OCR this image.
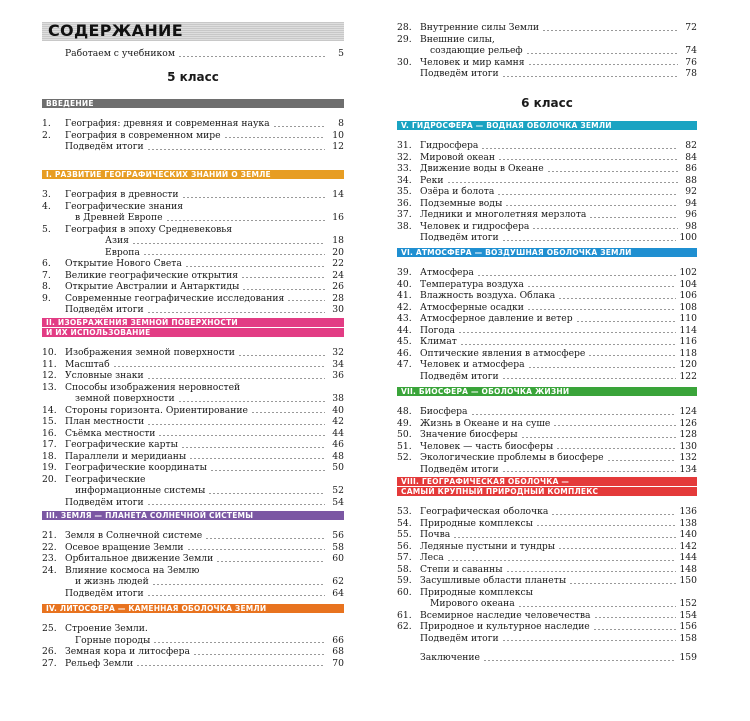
СОДЕРЖАНИЕ
Работаем с учебником	5
5 класс
ВВЕДЕНИЕ
1.	География: древняя и современная наука	8
2.	География в современном мире	10
Подведём итоги	12
I. РАЗВИТИЕ ГЕОГРАФИЧЕСКИХ ЗНАНИЙ О ЗЕМЛЕ
3.	География в древности	14
4.	Географические знания
в Древней Европе	16
5.	География в эпоху Средневековья
Азия	18
Европа	20
6.	Открытие Нового Света	22
7.	Великие географические открытия	24
8.	Открытие Австралии и Антарктиды	26
9.	Современные географические исследования	28
Подведём итоги	30
II. ИЗОБРАЖЕНИЯ ЗЕМНОЙ ПОВЕРХНОСТИ
И ИХ ИСПОЛЬЗОВАНИЕ
10. Изображения земной поверхности	32
11. Масштаб	34
12. Условные знаки	36
13. Способы изображения неровностей
земной поверхности	38
14. Стороны горизонта. Ориентирование	40
15. План местности	42
16. Съёмка местности	44
17. Географические карты	46
18. Параллели и меридианы	48
19. Географические координаты	50
20. Географические
информационные системы	52
Подведём итоги	54
III. ЗЕМЛЯ — ПЛАНЕТА СОЛНЕЧНОЙ СИСТЕМЫ
21. Земля в Солнечной системе	56
22. Осевое вращение Земли	58
23. Орбитальное движение Земли	60
24. Влияние космоса на Землю
и жизнь людей	62
Подведём итоги	64
IV. ЛИТОСФЕРА — КАМЕННАЯ ОБОЛОЧКА ЗЕМЛИ
25. Строение Земли.
Горные породы	66
26. Земная кора и литосфера	68
27. Рельеф Земли	70
28. Внутренние силы Земли	72
29. Внешние силы,
создающие рельеф	74
30. Человек и мир камня	76
Подведём итоги	78
6 класс
V. ГИДРОСФЕРА — ВОДНАЯ ОБОЛОЧКА ЗЕМЛИ
31. Гидросфера	82
32. Мировой океан	84
33. Движение воды в Океане	86
34. Реки	88
35. Озёра и болота	92
36. Подземные воды	94
37. Ледники и многолетняя мерзлота	96
38. Человек и гидросфера	98
Подведём итоги	100
VI. АТМОСФЕРА — ВОЗДУШНАЯ ОБОЛОЧКА ЗЕМЛИ
39. Атмосфера	102
40. Температура воздуха	104
41. Влажность воздуха. Облака	106
42. Атмосферные осадки	108
43. Атмосферное давление и ветер	110
44. Погода	114
45. Климат	116
46. Оптические явления в атмосфере	118
47. Человек и атмосфера	120
Подведём итоги	122
VII. БИОСФЕРА — ОБОЛОЧКА ЖИЗНИ
48. Биосфера	124
49. Жизнь в Океане и на суше	126
50. Значение биосферы	128
51. Человек — часть биосферы	130
52. Экологические проблемы в биосфере	132
Подведём итоги	134
VIII. ГЕОГРАФИЧЕСКАЯ ОБОЛОЧКА —
САМЫЙ КРУПНЫЙ ПРИРОДНЫЙ КОМПЛЕКС
53. Географическая оболочка	136
54. Природные комплексы	138
55. Почва	140
56. Ледяные пустыни и тундры	142
57. Леса	144
58. Степи и саванны	148
59. Засушливые области планеты	150
60. Природные комплексы
Мирового океана	152
61. Всемирное наследие человечества	154
62. Природное и культурное наследие	156
Подведём итоги	158
Заключение	159
